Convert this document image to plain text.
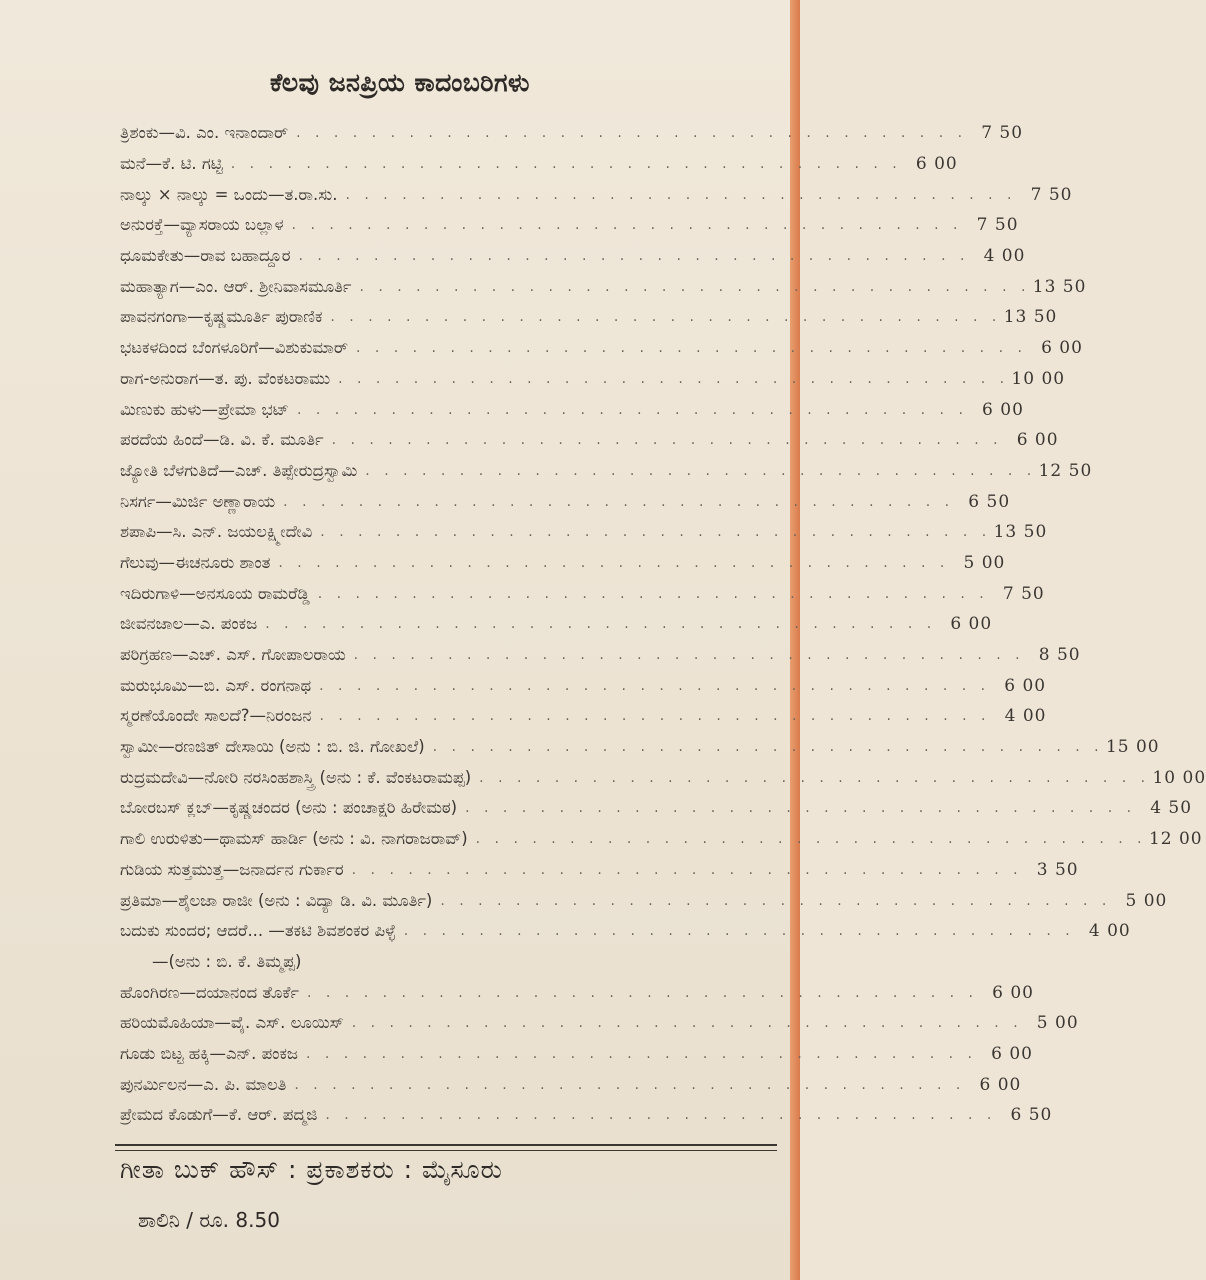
ಕೆಲವು ಜನಪ್ರಿಯ ಕಾದಂಬರಿಗಳು
ತ್ರಿಶಂಕು—ವಿ. ಎಂ. ಇನಾಂದಾರ್ . . .	7 50
ಮನೆ—ಕೆ. ಟಿ. ಗಟ್ಟಿ . . .	6 00
ನಾಲ್ಕು × ನಾಲ್ಕು = ಒಂದು—ತ.ರಾ.ಸು. . . .	7 50
ಅನುರಕ್ತೆ—ವ್ಯಾಸರಾಯ ಬಲ್ಲಾಳ . . .	7 50
ಧೂಮಕೇತು—ರಾವ ಬಹಾದ್ದೂರ . . .	4 00
ಮಹಾತ್ಯಾಗ—ಎಂ. ಆರ್. ಶ್ರೀನಿವಾಸಮೂರ್ತಿ . . .	13 50
ಪಾವನಗಂಗಾ—ಕೃಷ್ಣಮೂರ್ತಿ ಪುರಾಣಿಕ . . .	13 50
ಭಟಕಳದಿಂದ ಬೆಂಗಳೂರಿಗೆ—ವಿಶುಕುಮಾರ್ . . .	6 00
ರಾಗ-ಅನುರಾಗ—ತ. ಪು. ವೆಂಕಟರಾಮು . . .	10 00
ಮಿಣುಕು ಹುಳು—ಪ್ರೇಮಾ ಭಟ್ . . .	6 00
ಪರದೆಯ ಹಿಂದೆ—ಡಿ. ವಿ. ಕೆ. ಮೂರ್ತಿ . . .	6 00
ಜ್ಯೋತಿ ಬೆಳಗುತಿದೆ—ಎಚ್. ತಿಪ್ಪೇರುದ್ರಸ್ವಾಮಿ . . .	12 50
ನಿಸರ್ಗ—ಮಿರ್ಜಿ ಅಣ್ಣಾರಾಯ . . .	6 50
ಶಪಾಪಿ—ಸಿ. ಎನ್. ಜಯಲಕ್ಷ್ಮೀದೇವಿ . . .	13 50
ಗೆಲುವು—ಈಚನೂರು ಶಾಂತ . . .	5 00
ಇದಿರುಗಾಳಿ—ಅನಸೂಯ ರಾಮರೆಡ್ಡಿ . . .	7 50
ಜೀವನಜಾಲ—ಎ. ಪಂಕಜ . . .	6 00
ಪರಿಗ್ರಹಣ—ಎಚ್. ಎಸ್. ಗೋಪಾಲರಾಯ . . .	8 50
ಮರುಭೂಮಿ—ಬಿ. ಎಸ್. ರಂಗನಾಥ . . .	6 00
ಸ್ಮರಣೆಯೊಂದೇ ಸಾಲದೆ?—ನಿರಂಜನ . . .	4 00
ಸ್ವಾಮೀ—ರಣಜಿತ್ ದೇಸಾಯಿ (ಅನು : ಬಿ. ಜಿ. ಗೋಖಲೆ) . . .	15 00
ರುದ್ರಮದೇವಿ—ನೋರಿ ನರಸಿಂಹಶಾಸ್ತ್ರಿ (ಅನು : ಕೆ. ವೆಂಕಟರಾಮಪ್ಪ) . . .	10 00
ಬೋರಬಸ್ ಕ್ಲಬ್—ಕೃಷ್ಣಚಂದರ (ಅನು : ಪಂಚಾಕ್ಷರಿ ಹಿರೇಮಠ) . . .	4 50
ಗಾಲಿ ಉರುಳಿತು—ಥಾಮಸ್ ಹಾರ್ಡಿ (ಅನು : ವಿ. ನಾಗರಾಜರಾವ್) . . .	12 00
ಗುಡಿಯ ಸುತ್ತಮುತ್ತ—ಜನಾರ್ದನ ಗುರ್ಕಾರ . . .	3 50
ಪ್ರತಿಮಾ—ಶೈಲಜಾ ರಾಜೀ (ಅನು : ವಿದ್ಯಾ ಡಿ. ವಿ. ಮೂರ್ತಿ) . . .	5 00
ಬದುಕು ಸುಂದರ; ಆದರೆ... —ತಕಟಿ ಶಿವಶಂಕರ ಪಿಳ್ಳೆ . . .	4 00
—(ಅನು : ಬಿ. ಕೆ. ತಿಮ್ಮಪ್ಪ)
ಹೊಂಗಿರಣ—ದಯಾನಂದ ತೊರ್ಕೆ . . .	6 00
ಹರಿಯಮೊಹಿಯಾ—ವೈ. ಎಸ್. ಲೂಯಿಸ್ . . .	5 00
ಗೂಡು ಬಿಟ್ಟ ಹಕ್ಕಿ—ಎನ್. ಪಂಕಜ . . .	6 00
ಪುನರ್ಮಿಲನ—ಎ. ಪಿ. ಮಾಲತಿ . . .	6 00
ಪ್ರೇಮದ ಕೊಡುಗೆ—ಕೆ. ಆರ್. ಪದ್ಮಜಿ . . .	6 50
ಗೀತಾ ಬುಕ್ ಹೌಸ್ : ಪ್ರಕಾಶಕರು : ಮೈಸೂರು
ಶಾಲಿನಿ / ರೂ. 8.50
